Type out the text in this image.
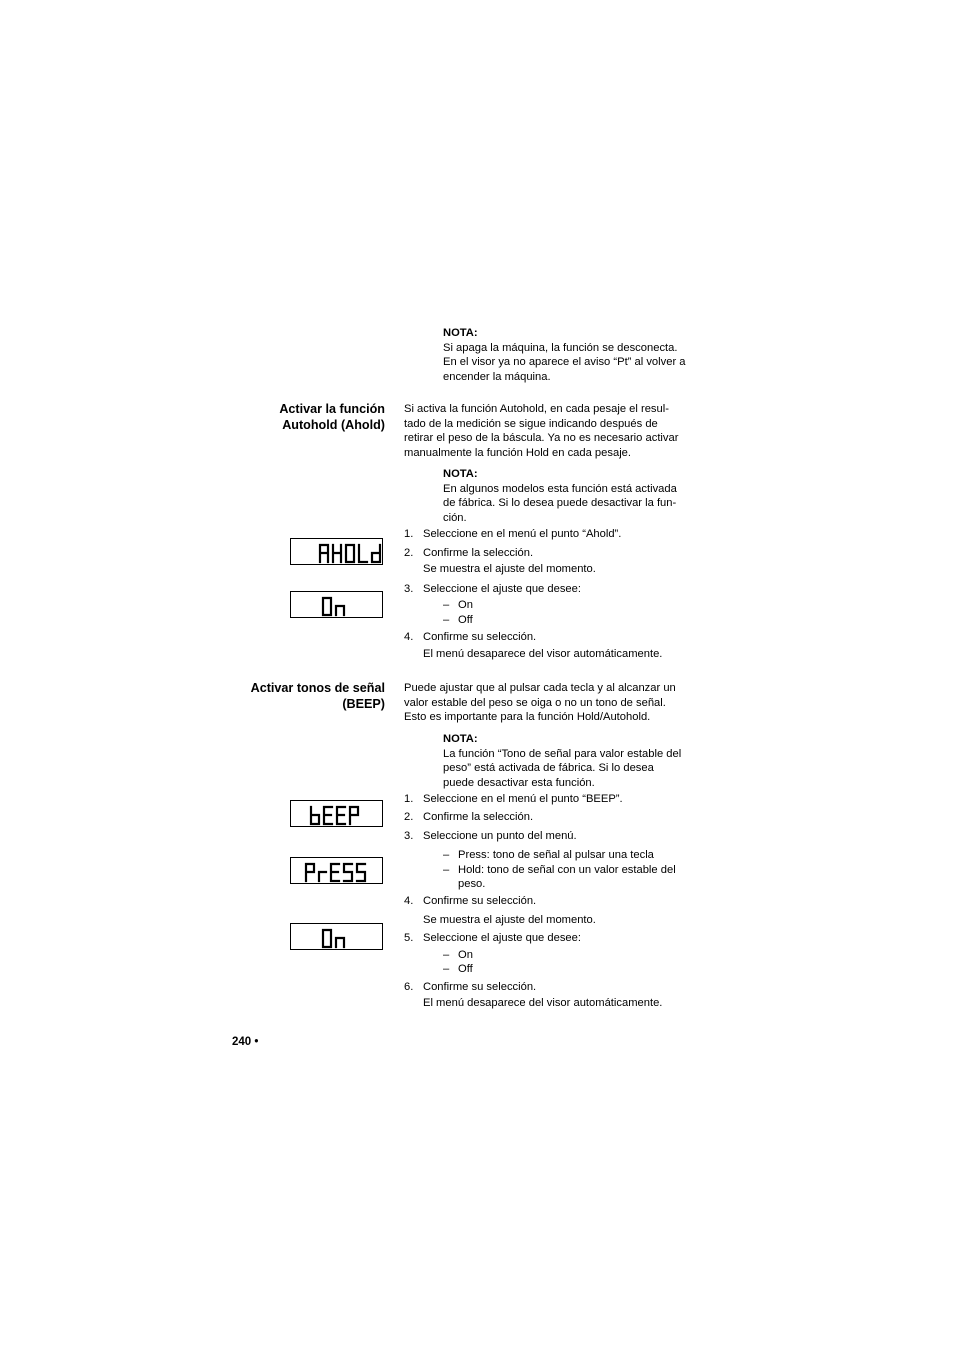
NOTA:
Si apaga la máquina, la función se desconecta.
En el visor ya no aparece el aviso “Pt” al volver a
encender la máquina.
Activar la función
Autohold (Ahold)
Si activa la función Autohold, en cada pesaje el resul-
tado de la medición se sigue indicando después de
retirar el peso de la báscula. Ya no es necesario activar
manualmente la función Hold en cada pesaje.
NOTA:
En algunos modelos esta función está activada
de fábrica. Si lo desea puede desactivar la fun-
ción.
1. Seleccione en el menú el punto “Ahold”.
2. Confirme la selección.
Se muestra el ajuste del momento.
3. Seleccione el ajuste que desee:
– On
– Off
4. Confirme su selección.
El menú desaparece del visor automáticamente.
Activar tonos de señal
(BEEP)
Puede ajustar que al pulsar cada tecla y al alcanzar un
valor estable del peso se oiga o no un tono de señal.
Esto es importante para la función Hold/Autohold.
NOTA:
La función “Tono de señal para valor estable del
peso” está activada de fábrica. Si lo desea
puede desactivar esta función.
1. Seleccione en el menú el punto “BEEP”.
2. Confirme la selección.
3. Seleccione un punto del menú.
– Press: tono de señal al pulsar una tecla
– Hold: tono de señal con un valor estable del
peso.
4. Confirme su selección.
Se muestra el ajuste del momento.
5. Seleccione el ajuste que desee:
– On
– Off
6. Confirme su selección.
El menú desaparece del visor automáticamente.
240 •
